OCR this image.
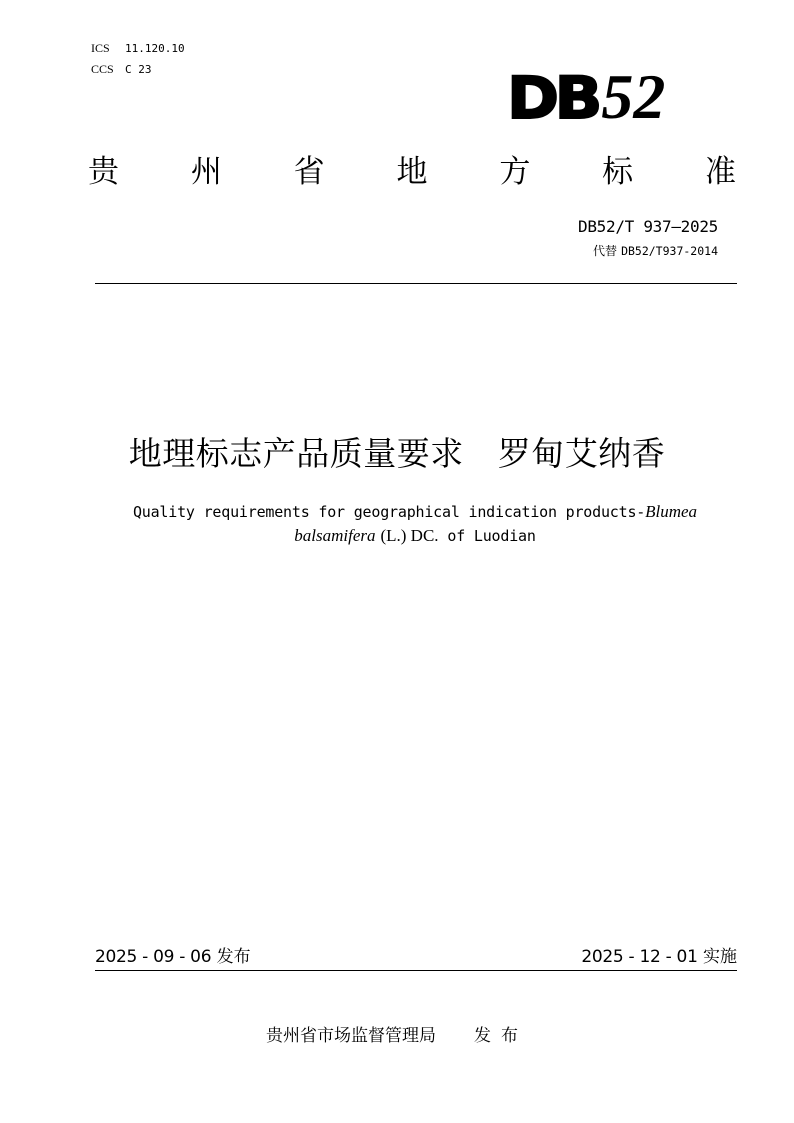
ICS 11.120.10
CCS C 23	DB 52
贵 州 省 地 方 标 准
DB52/T 937—2025
代替 DB52/T937-2014
地理标志产品质量要求 罗甸艾纳香
Quality requirements for geographical indication products-Blumea
balsamifera (L.) DC. of Luodian
2025 - 09 - 06 发布	2025 - 12 - 01 实施
贵州省市场监督管理局 发布
